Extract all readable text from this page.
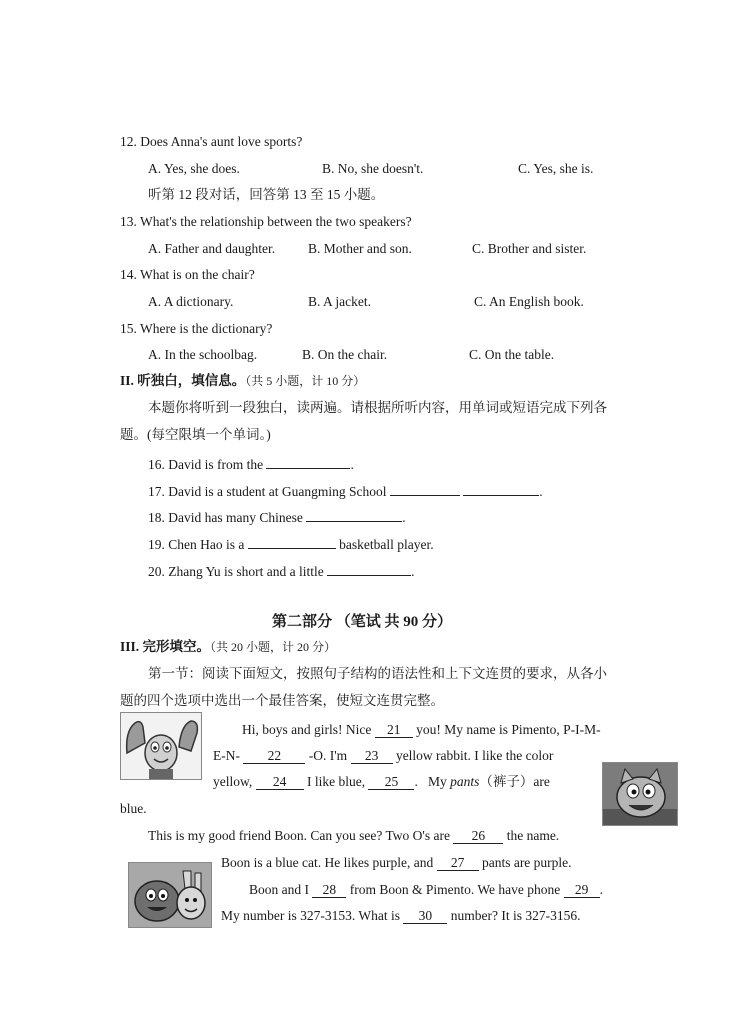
12. Does Anna's aunt love sports?
A. Yes, she does.	B. No, she doesn't.	C. Yes, she is.
听第 12 段对话，回答第 13 至 15 小题。
13. What's the relationship between the two speakers?
A. Father and daughter. B. Mother and son.	C. Brother and sister.
14. What is on the chair?
A. A dictionary.	B. A jacket.	C. An English book.
15. Where is the dictionary?
A. In the schoolbag.	B. On the chair.	C. On the table.
II. 听独白，填信息。（共 5 小题，计 10 分）
本题你将听到一段独白，读两遍。请根据所听内容，用单词或短语完成下列各
题。(每空限填一个单词。)
16. David is from the	.
17. David is a student at Guangming School	.
18. David has many Chinese	.
19. Chen Hao is a	basketball player.
20. Zhang Yu is short and a little	.
第二部分 （笔试 共 90 分）
III. 完形填空。（共 20 小题，计 20 分）
第一节：阅读下面短文，按照句子结构的语法性和上下文连贯的要求，从各小
题的四个选项中选出一个最佳答案，使短文连贯完整。
Hi, boys and girls! Nice 21 you! My name is Pimento, P-I-M-
E-N- 22 -O. I'm 23 yellow rabbit. I like the color
yellow, 24 I like blue, 25 . My pants（裤子）are
blue.
This is my good friend Boon. Can you see? Two O's are 26 the name.
Boon is a blue cat. He likes purple, and 27 pants are purple.
Boon and I 28 from Boon & Pimento. We have phone 29 .
My number is 327-3153. What is 30 number? It is 327-3156.
